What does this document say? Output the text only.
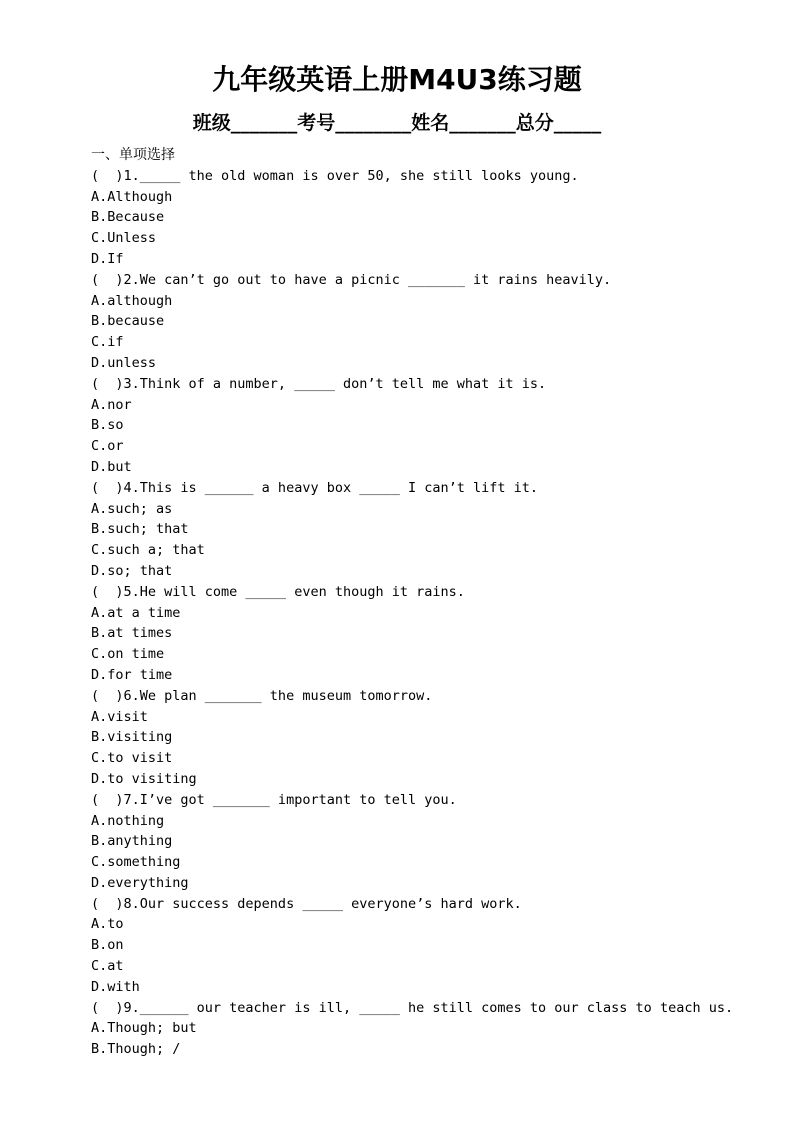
九年级英语上册M4U3练习题
班级_______考号________姓名_______总分_____
一、单项选择
(  )1._____ the old woman is over 50, she still looks young.
A.Although
B.Because
C.Unless
D.If
(  )2.We can’t go out to have a picnic _______ it rains heavily.
A.although
B.because
C.if
D.unless
(  )3.Think of a number, _____ don’t tell me what it is.
A.nor
B.so
C.or
D.but
(  )4.This is ______ a heavy box _____ I can’t lift it.
A.such; as
B.such; that
C.such a; that
D.so; that
(  )5.He will come _____ even though it rains.
A.at a time
B.at times
C.on time
D.for time
(  )6.We plan _______ the museum tomorrow.
A.visit
B.visiting
C.to visit
D.to visiting
(  )7.I’ve got _______ important to tell you.
A.nothing
B.anything
C.something
D.everything
(  )8.Our success depends _____ everyone’s hard work.
A.to
B.on
C.at
D.with
(  )9.______ our teacher is ill, _____ he still comes to our class to teach us.
A.Though; but
B.Though; /
